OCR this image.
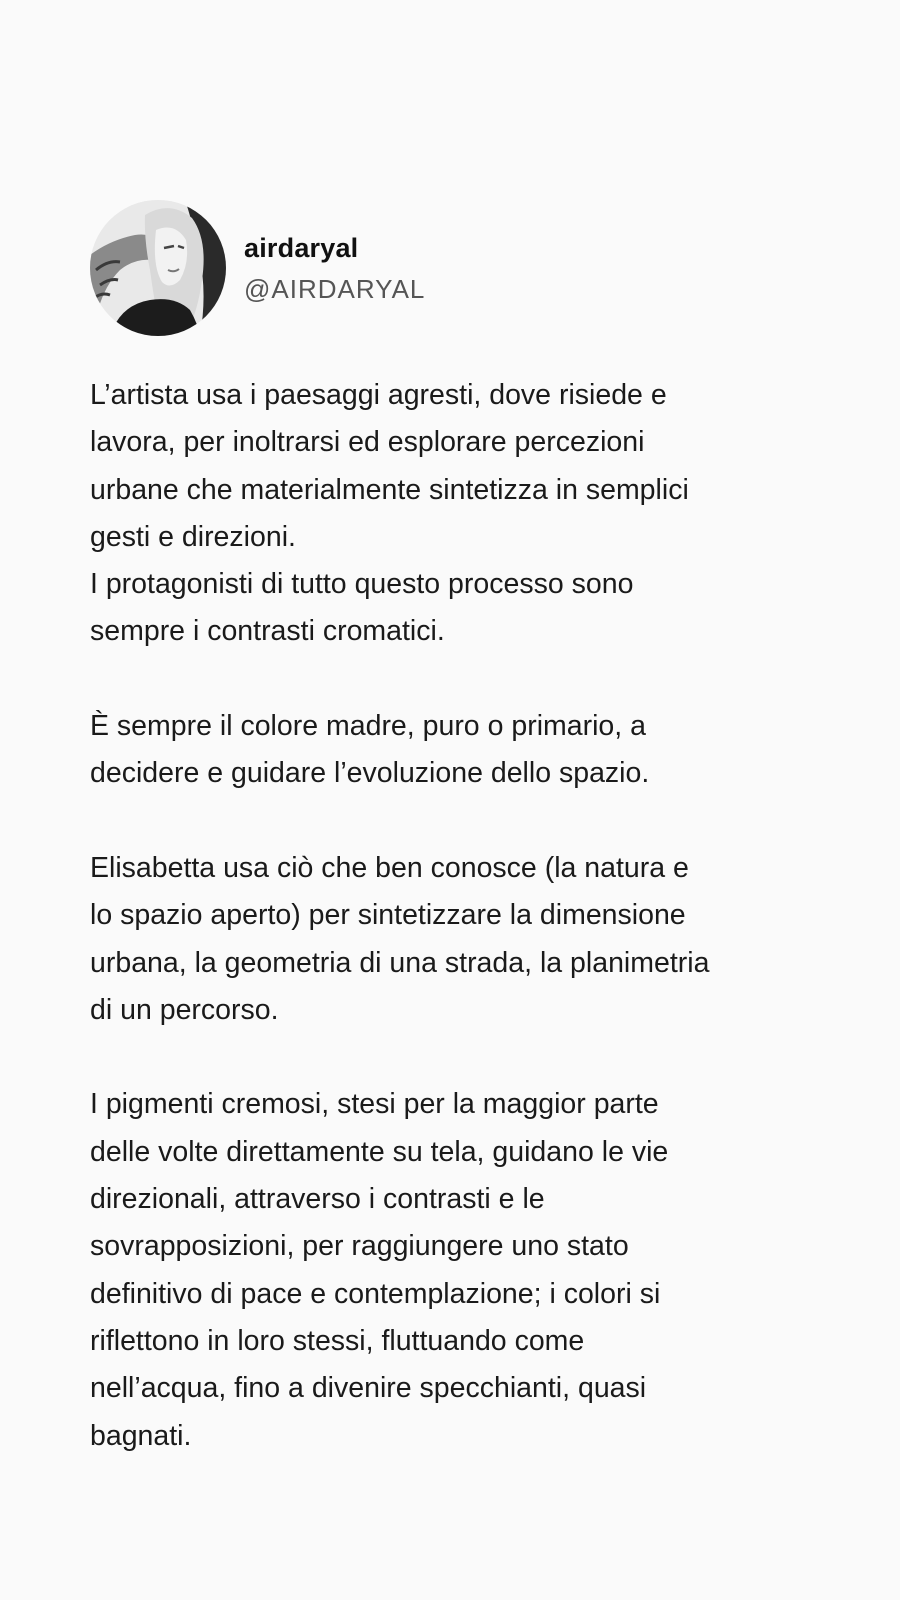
airdaryal
@AIRDARYAL

L’artista usa i paesaggi agresti, dove risiede e
lavora, per inoltrarsi ed esplorare percezioni
urbane che materialmente sintetizza in semplici
gesti e direzioni.
I protagonisti di tutto questo processo sono
sempre i contrasti cromatici.

È sempre il colore madre, puro o primario, a
decidere e guidare l’evoluzione dello spazio.

Elisabetta usa ciò che ben conosce (la natura e
lo spazio aperto) per sintetizzare la dimensione
urbana, la geometria di una strada, la planimetria
di un percorso.

I pigmenti cremosi, stesi per la maggior parte
delle volte direttamente su tela, guidano le vie
direzionali, attraverso i contrasti e le
sovrapposizioni, per raggiungere uno stato
definitivo di pace e contemplazione; i colori si
riflettono in loro stessi, fluttuando come
nell’acqua, fino a divenire specchianti, quasi
bagnati.
